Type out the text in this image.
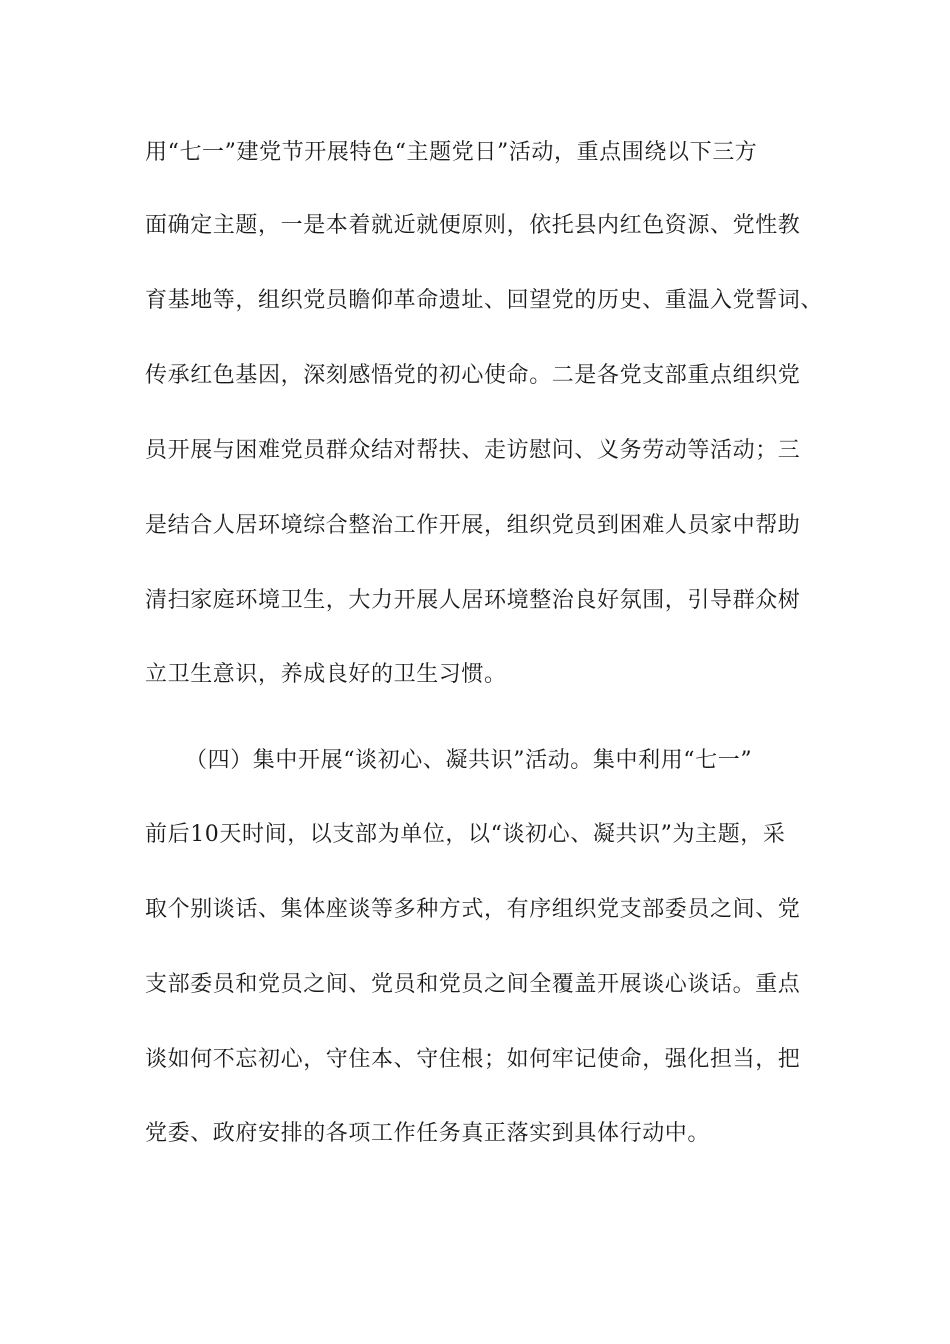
用“七一”建党节开展特色“主题党日”活动，重点围绕以下三方
面确定主题，一是本着就近就便原则，依托县内红色资源、党性教
育基地等，组织党员瞻仰革命遗址、回望党的历史、重温入党誓词、
传承红色基因，深刻感悟党的初心使命。二是各党支部重点组织党
员开展与困难党员群众结对帮扶、走访慰问、义务劳动等活动；三
是结合人居环境综合整治工作开展，组织党员到困难人员家中帮助
清扫家庭环境卫生，大力开展人居环境整治良好氛围，引导群众树
立卫生意识，养成良好的卫生习惯。
（四）集中开展“谈初心、凝共识”活动。集中利用“七一”
前后10天时间，以支部为单位，以“谈初心、凝共识”为主题，采
取个别谈话、集体座谈等多种方式，有序组织党支部委员之间、党
支部委员和党员之间、党员和党员之间全覆盖开展谈心谈话。重点
谈如何不忘初心，守住本、守住根；如何牢记使命，强化担当，把
党委、政府安排的各项工作任务真正落实到具体行动中。
